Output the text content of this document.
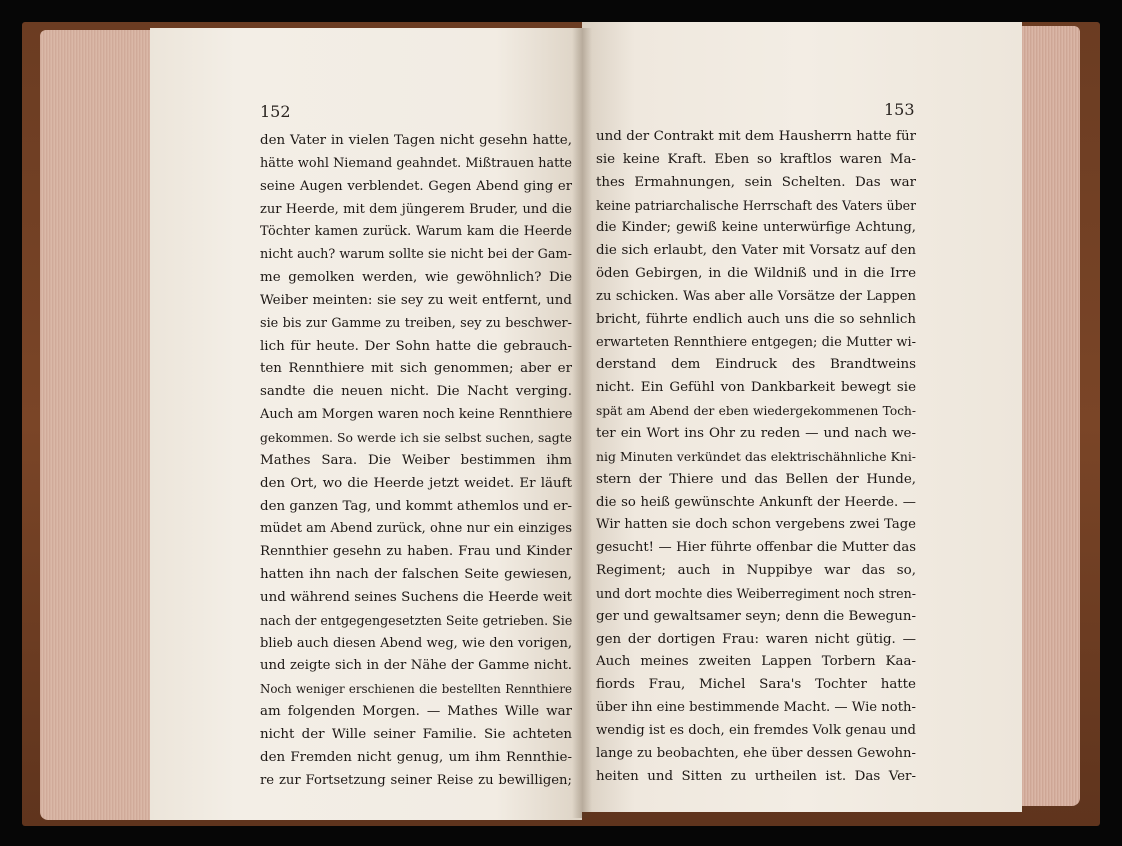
152
den Vater in vielen Tagen nicht gesehn hatte,
hätte wohl Niemand geahndet. Mißtrauen hatte
seine Augen verblendet. Gegen Abend ging er
zur Heerde, mit dem jüngerem Bruder, und die
Töchter kamen zurück. Warum kam die Heerde
nicht auch? warum sollte sie nicht bei der Gam-
me gemolken werden, wie gewöhnlich? Die
Weiber meinten: sie sey zu weit entfernt, und
sie bis zur Gamme zu treiben, sey zu beschwer-
lich für heute. Der Sohn hatte die gebrauch-
ten Rennthiere mit sich genommen; aber er
sandte die neuen nicht. Die Nacht verging.
Auch am Morgen waren noch keine Rennthiere
gekommen. So werde ich sie selbst suchen, sagte
Mathes Sara. Die Weiber bestimmen ihm
den Ort, wo die Heerde jetzt weidet. Er läuft
den ganzen Tag, und kommt athemlos und er-
müdet am Abend zurück, ohne nur ein einziges
Rennthier gesehn zu haben. Frau und Kinder
hatten ihn nach der falschen Seite gewiesen,
und während seines Suchens die Heerde weit
nach der entgegengesetzten Seite getrieben. Sie
blieb auch diesen Abend weg, wie den vorigen,
und zeigte sich in der Nähe der Gamme nicht.
Noch weniger erschienen die bestellten Rennthiere
am folgenden Morgen. — Mathes Wille war
nicht der Wille seiner Familie. Sie achteten
den Fremden nicht genug, um ihm Rennthie-
re zur Fortsetzung seiner Reise zu bewilligen;
153
und der Contrakt mit dem Hausherrn hatte für
sie keine Kraft. Eben so kraftlos waren Ma-
thes Ermahnungen, sein Schelten. Das war
keine patriarchalische Herrschaft des Vaters über
die Kinder; gewiß keine unterwürfige Achtung,
die sich erlaubt, den Vater mit Vorsatz auf den
öden Gebirgen, in die Wildniß und in die Irre
zu schicken. Was aber alle Vorsätze der Lappen
bricht, führte endlich auch uns die so sehnlich
erwarteten Rennthiere entgegen; die Mutter wi-
derstand dem Eindruck des Brandtweins
nicht. Ein Gefühl von Dankbarkeit bewegt sie
spät am Abend der eben wiedergekommenen Toch-
ter ein Wort ins Ohr zu reden — und nach we-
nig Minuten verkündet das elektrischähnliche Kni-
stern der Thiere und das Bellen der Hunde,
die so heiß gewünschte Ankunft der Heerde. —
Wir hatten sie doch schon vergebens zwei Tage
gesucht! — Hier führte offenbar die Mutter das
Regiment; auch in Nuppibye war das so,
und dort mochte dies Weiberregiment noch stren-
ger und gewaltsamer seyn; denn die Bewegun-
gen der dortigen Frau: waren nicht gütig. —
Auch meines zweiten Lappen Torbern Kaa-
fiords Frau, Michel Sara's Tochter hatte
über ihn eine bestimmende Macht. — Wie noth-
wendig ist es doch, ein fremdes Volk genau und
lange zu beobachten, ehe über dessen Gewohn-
heiten und Sitten zu urtheilen ist. Das Ver-
